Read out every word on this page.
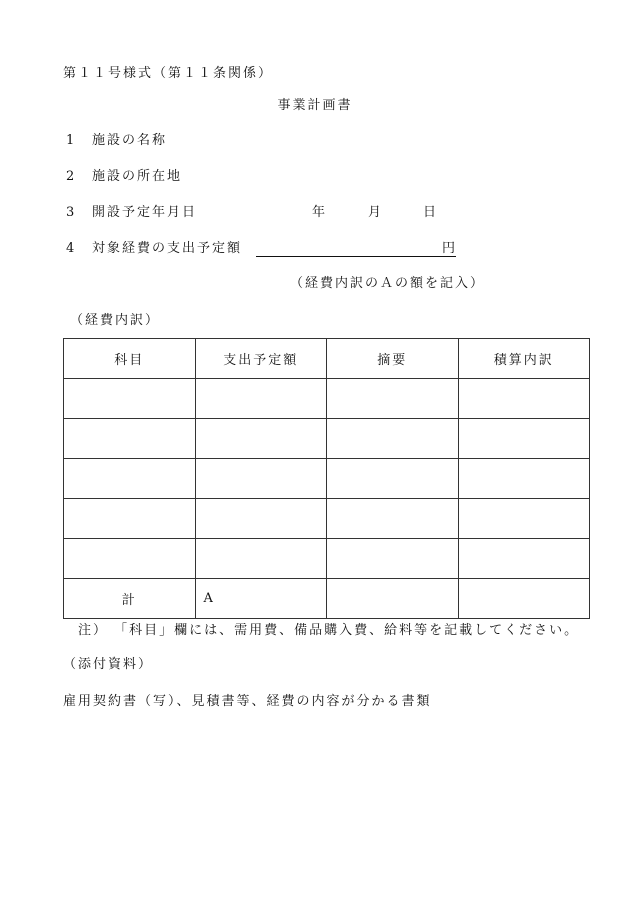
第１１号様式（第１１条関係）
事業計画書
1 施設の名称
2 施設の所在地
3 開設予定年月日	年	月	日
4 対象経費の支出予定額	円
（経費内訳のＡの額を記入）
（経費内訳）
科目	支出予定額	摘要	積算内訳

計	A		
注） 「科目」欄には、需用費、備品購入費、給料等を記載してください。
（添付資料）
雇用契約書（写）、見積書等、経費の内容が分かる書類
